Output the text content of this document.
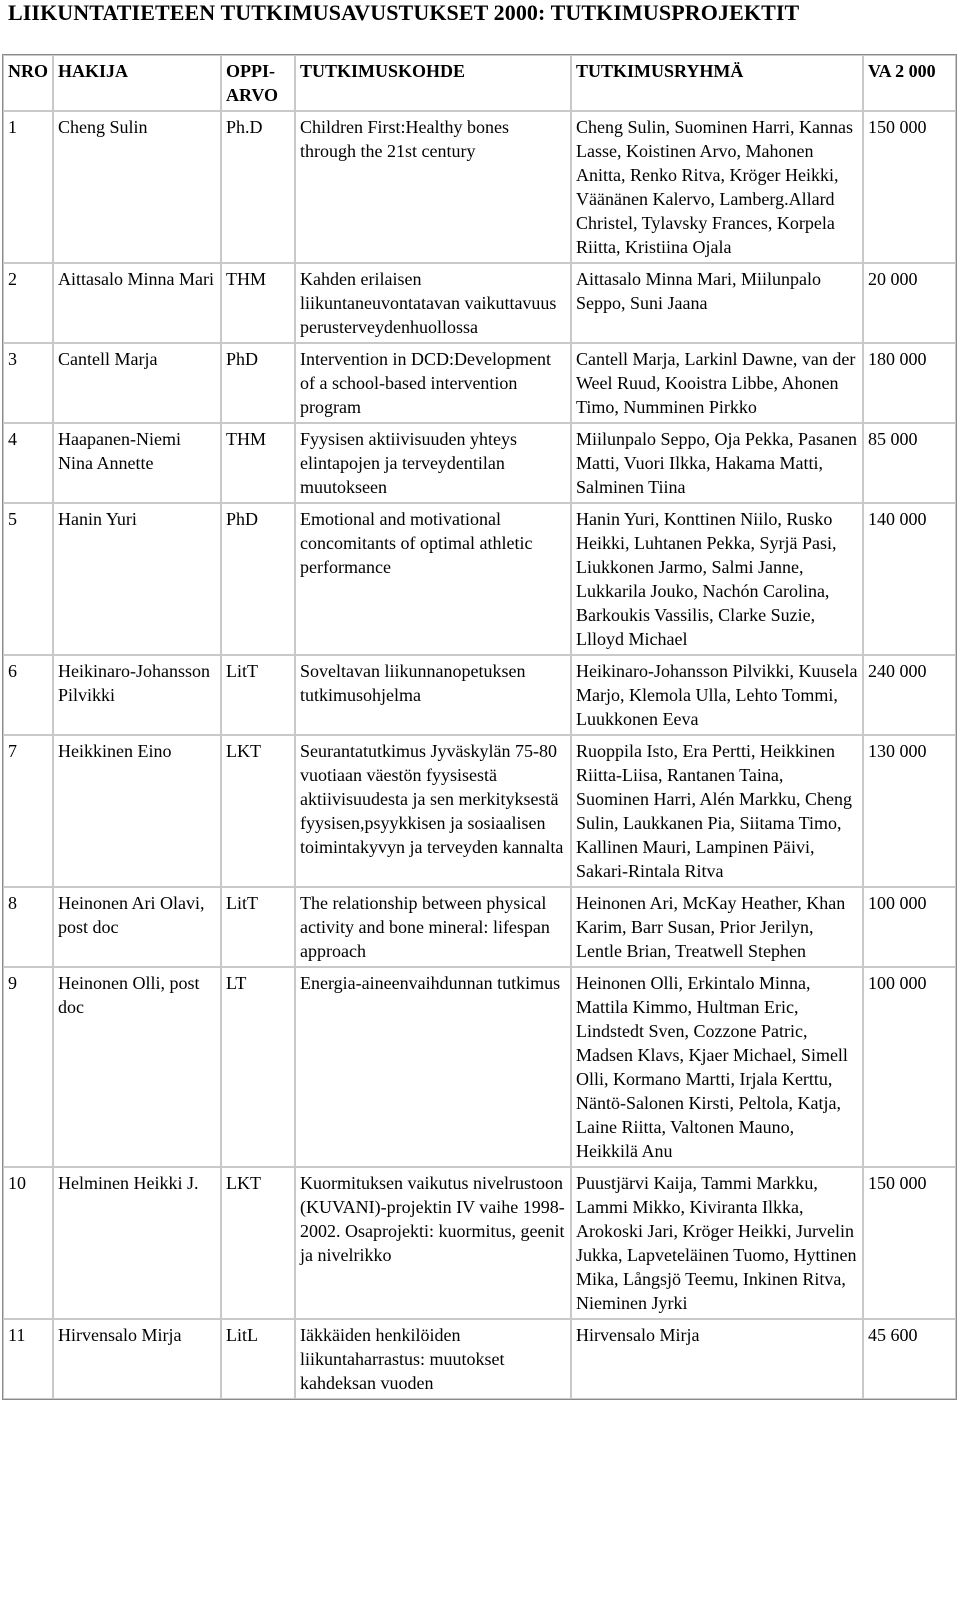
LIIKUNTATIETEEN TUTKIMUSAVUSTUKSET 2000: TUTKIMUSPROJEKTIT
NRO	HAKIJA	OPPI-ARVO	TUTKIMUSKOHDE	TUTKIMUSRYHMÄ	VA 2 000
1	Cheng Sulin	Ph.D	Children First:Healthy bones through the 21st century	Cheng Sulin, Suominen Harri, Kannas Lasse, Koistinen Arvo, Mahonen Anitta, Renko Ritva, Kröger Heikki, Väänänen Kalervo, Lamberg.Allard Christel, Tylavsky Frances, Korpela Riitta, Kristiina Ojala	150 000
2	Aittasalo Minna Mari	THM	Kahden erilaisen liikuntaneuvontatavan vaikuttavuus perusterveydenhuollossa	Aittasalo Minna Mari, Miilunpalo Seppo, Suni Jaana	20 000
3	Cantell Marja	PhD	Intervention in DCD:Development of a school-based intervention program	Cantell Marja, Larkinl Dawne, van der Weel Ruud, Kooistra Libbe, Ahonen Timo, Numminen Pirkko	180 000
4	Haapanen-Niemi Nina Annette	THM	Fyysisen aktiivisuuden yhteys elintapojen ja terveydentilan muutokseen	Miilunpalo Seppo, Oja Pekka, Pasanen Matti, Vuori Ilkka, Hakama Matti, Salminen Tiina	85 000
5	Hanin Yuri	PhD	Emotional and motivational concomitants of optimal athletic performance	Hanin Yuri, Konttinen Niilo, Rusko Heikki, Luhtanen Pekka, Syrjä Pasi, Liukkonen Jarmo, Salmi Janne, Lukkarila Jouko, Nachón Carolina, Barkoukis Vassilis, Clarke Suzie, Llloyd Michael	140 000
6	Heikinaro-Johansson Pilvikki	LitT	Soveltavan liikunnanopetuksen tutkimusohjelma	Heikinaro-Johansson Pilvikki, Kuusela Marjo, Klemola Ulla, Lehto Tommi, Luukkonen Eeva	240 000
7	Heikkinen Eino	LKT	Seurantatutkimus Jyväskylän 75-80 vuotiaan väestön fyysisestä aktiivisuudesta ja sen merkityksestä fyysisen,psyykkisen ja sosiaalisen toimintakyvyn ja terveyden kannalta	Ruoppila Isto, Era Pertti, Heikkinen Riitta-Liisa, Rantanen Taina, Suominen Harri, Alén Markku, Cheng Sulin, Laukkanen Pia, Siitama Timo, Kallinen Mauri, Lampinen Päivi, Sakari-Rintala Ritva	130 000
8	Heinonen Ari Olavi, post doc	LitT	The relationship between physical activity and bone mineral: lifespan approach	Heinonen Ari, McKay Heather, Khan Karim, Barr Susan, Prior Jerilyn, Lentle Brian, Treatwell Stephen	100 000
9	Heinonen Olli, post doc	LT	Energia-aineenvaihdunnan tutkimus	Heinonen Olli, Erkintalo Minna, Mattila Kimmo, Hultman Eric, Lindstedt Sven, Cozzone Patric, Madsen Klavs, Kjaer Michael, Simell Olli, Kormano Martti, Irjala Kerttu, Näntö-Salonen Kirsti, Peltola, Katja, Laine Riitta, Valtonen Mauno, Heikkilä Anu	100 000
10	Helminen Heikki J.	LKT	Kuormituksen vaikutus nivelrustoon (KUVANI)-projektin IV vaihe 1998-2002. Osaprojekti: kuormitus, geenit ja nivelrikko	Puustjärvi Kaija, Tammi Markku, Lammi Mikko, Kiviranta Ilkka, Arokoski Jari, Kröger Heikki, Jurvelin Jukka, Lapveteläinen Tuomo, Hyttinen Mika, Långsjö Teemu, Inkinen Ritva, Nieminen Jyrki	150 000
11	Hirvensalo Mirja	LitL	Iäkkäiden henkilöiden liikuntaharrastus: muutokset kahdeksan vuoden	Hirvensalo Mirja	45 600
